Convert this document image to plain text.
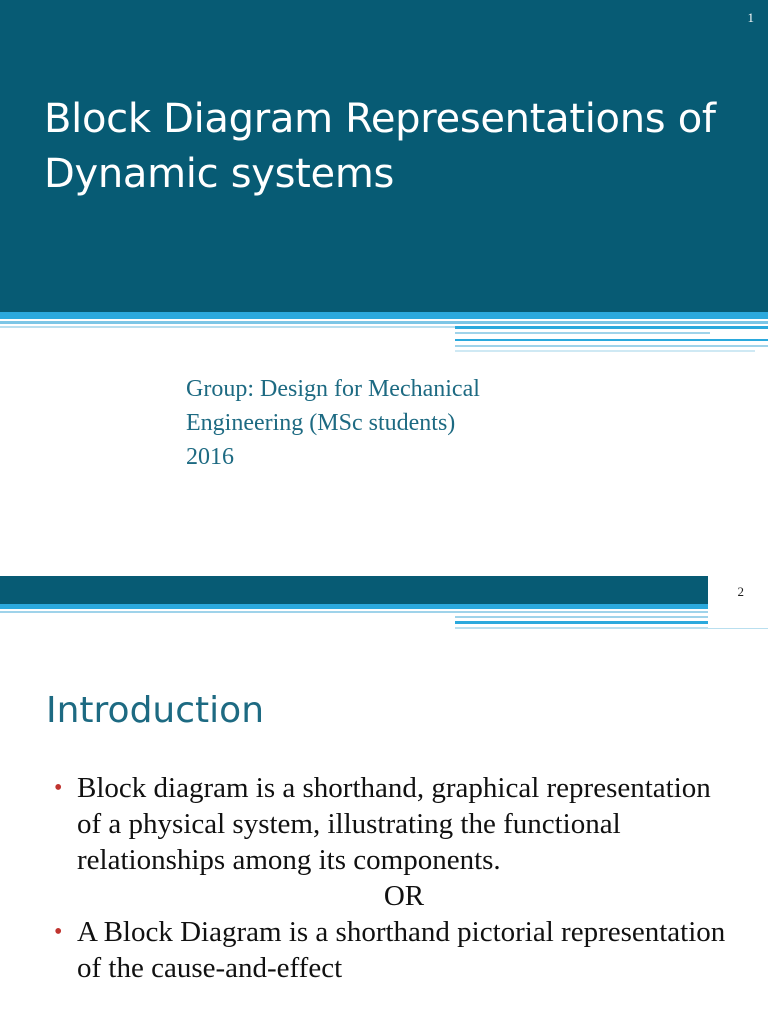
1
Block Diagram Representations of Dynamic systems

Group: Design for Mechanical

Engineering (MSc students)

2016

2
Introduction
• Block diagram is a shorthand, graphical representation of a physical system, illustrating the functional relationships among its components.
OR
• A Block Diagram is a shorthand pictorial representation of the cause-and-effect
